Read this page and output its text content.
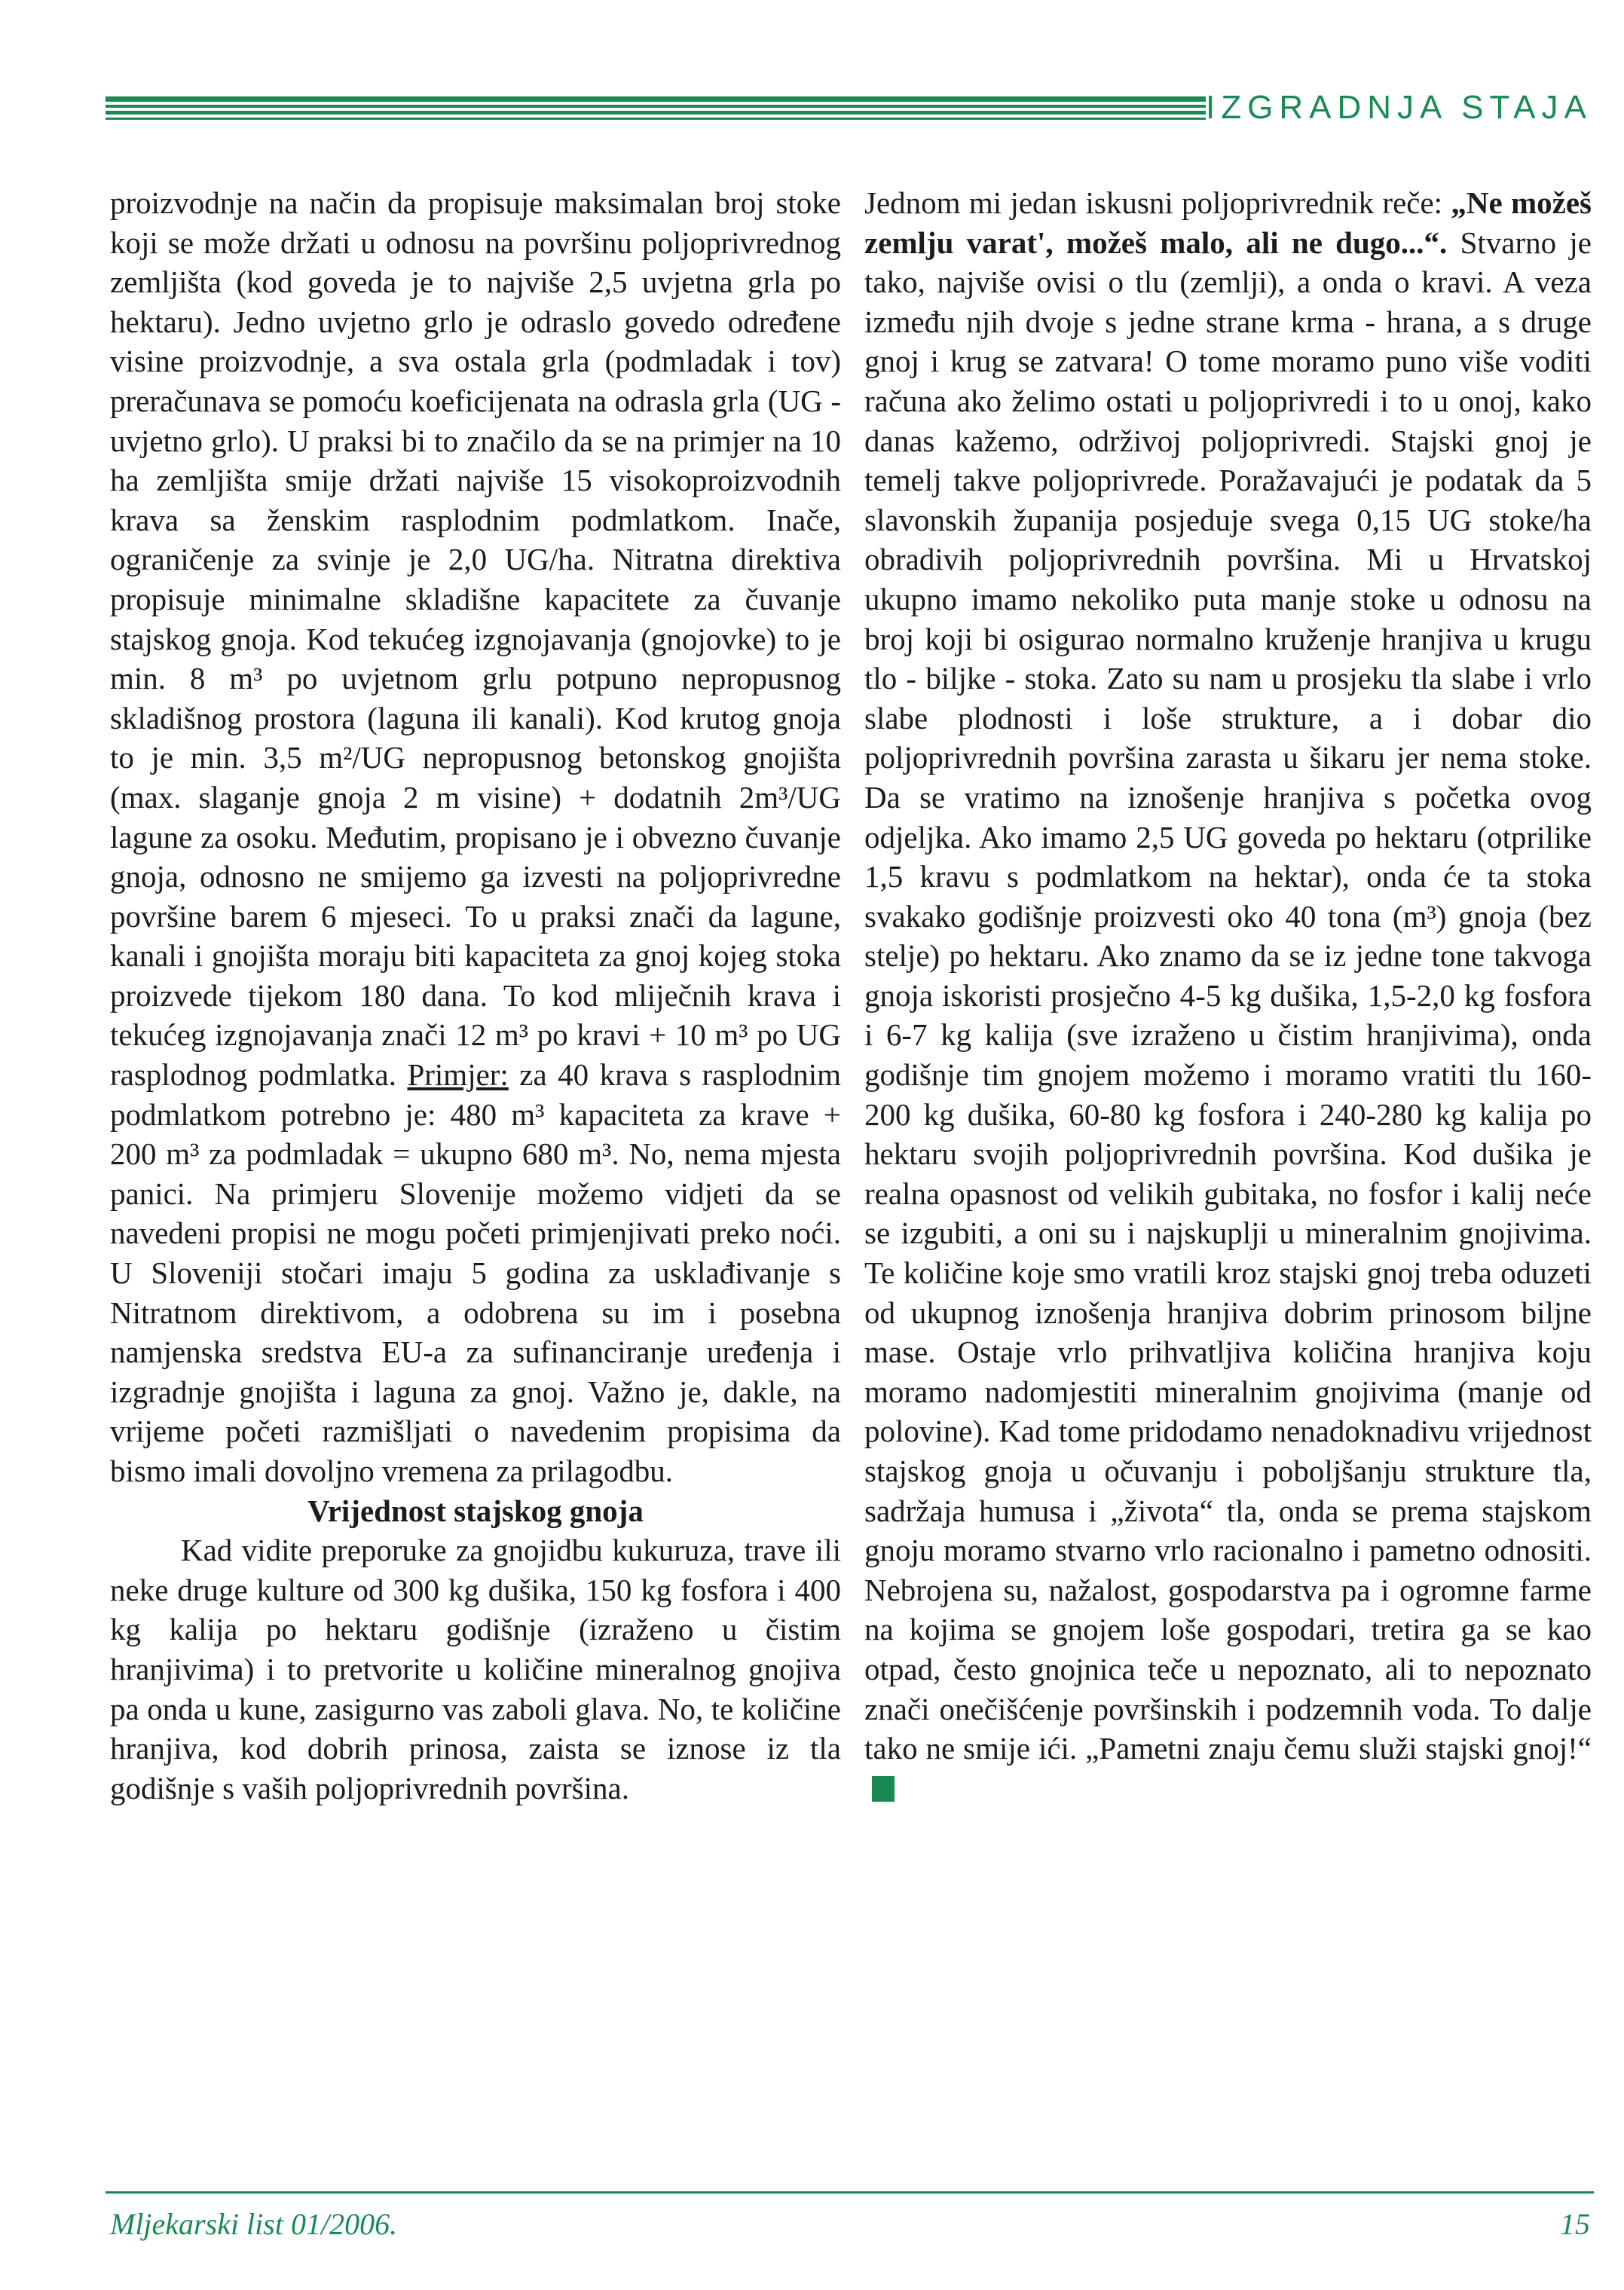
IZGRADNJA STAJA

proizvodnje na način da propisuje maksimalan broj stoke koji se može držati u odnosu na površinu poljoprivrednog zemljišta (kod goveda je to najviše 2,5 uvjetna grla po hektaru). Jedno uvjetno grlo je odraslo govedo određene visine proizvodnje, a sva ostala grla (podmladak i tov) preračunava se pomoću koeficijenata na odrasla grla (UG - uvjetno grlo). U praksi bi to značilo da se na primjer na 10 ha zemljišta smije držati najviše 15 visokoproizvodnih krava sa ženskim rasplodnim podmlatkom. Inače, ograničenje za svinje je 2,0 UG/ha. Nitratna direktiva propisuje minimalne skladišne kapacitete za čuvanje stajskog gnoja. Kod tekućeg izgnojavanja (gnojovke) to je min. 8 m³ po uvjetnom grlu potpuno nepropusnog skladišnog prostora (laguna ili kanali). Kod krutog gnoja to je min. 3,5 m²/UG nepropusnog betonskog gnojišta (max. slaganje gnoja 2 m visine) + dodatnih 2m³/UG lagune za osoku. Međutim, propisano je i obvezno čuvanje gnoja, odnosno ne smijemo ga izvesti na poljoprivredne površine barem 6 mjeseci. To u praksi znači da lagune, kanali i gnojišta moraju biti kapaciteta za gnoj kojeg stoka proizvede tijekom 180 dana. To kod mliječnih krava i tekućeg izgnojavanja znači 12 m³ po kravi + 10 m³ po UG rasplodnog podmlatka. Primjer: za 40 krava s rasplodnim podmlatkom potrebno je: 480 m³ kapaciteta za krave + 200 m³ za podmladak = ukupno 680 m³. No, nema mjesta panici. Na primjeru Slovenije možemo vidjeti da se navedeni propisi ne mogu početi primjenjivati preko noći. U Sloveniji stočari imaju 5 godina za usklađivanje s Nitratnom direktivom, a odobrena su im i posebna namjenska sredstva EU-a za sufinanciranje uređenja i izgradnje gnojišta i laguna za gnoj. Važno je, dakle, na vrijeme početi razmišljati o navedenim propisima da bismo imali dovoljno vremena za prilagodbu.

Vrijednost stajskog gnoja

Kad vidite preporuke za gnojidbu kukuruza, trave ili neke druge kulture od 300 kg dušika, 150 kg fosfora i 400 kg kalija po hektaru godišnje (izraženo u čistim hranjivima) i to pretvorite u količine mineralnog gnojiva pa onda u kune, zasigurno vas zaboli glava. No, te količine hranjiva, kod dobrih prinosa, zaista se iznose iz tla godišnje s vaših poljoprivrednih površina.

Jednom mi jedan iskusni poljoprivrednik reče: „Ne možeš zemlju varat', možeš malo, ali ne dugo...“. Stvarno je tako, najviše ovisi o tlu (zemlji), a onda o kravi. A veza između njih dvoje s jedne strane krma - hrana, a s druge gnoj i krug se zatvara! O tome moramo puno više voditi računa ako želimo ostati u poljoprivredi i to u onoj, kako danas kažemo, održivoj poljoprivredi. Stajski gnoj je temelj takve poljoprivrede. Poražavajući je podatak da 5 slavonskih županija posjeduje svega 0,15 UG stoke/ha obradivih poljoprivrednih površina. Mi u Hrvatskoj ukupno imamo nekoliko puta manje stoke u odnosu na broj koji bi osigurao normalno kruženje hranjiva u krugu tlo - biljke - stoka. Zato su nam u prosjeku tla slabe i vrlo slabe plodnosti i loše strukture, a i dobar dio poljoprivrednih površina zarasta u šikaru jer nema stoke. Da se vratimo na iznošenje hranjiva s početka ovog odjeljka. Ako imamo 2,5 UG goveda po hektaru (otprilike 1,5 kravu s podmlatkom na hektar), onda će ta stoka svakako godišnje proizvesti oko 40 tona (m³) gnoja (bez stelje) po hektaru. Ako znamo da se iz jedne tone takvoga gnoja iskoristi prosječno 4-5 kg dušika, 1,5-2,0 kg fosfora i 6-7 kg kalija (sve izraženo u čistim hranjivima), onda godišnje tim gnojem možemo i moramo vratiti tlu 160-200 kg dušika, 60-80 kg fosfora i 240-280 kg kalija po hektaru svojih poljoprivrednih površina. Kod dušika je realna opasnost od velikih gubitaka, no fosfor i kalij neće se izgubiti, a oni su i najskuplji u mineralnim gnojivima. Te količine koje smo vratili kroz stajski gnoj treba oduzeti od ukupnog iznošenja hranjiva dobrim prinosom biljne mase. Ostaje vrlo prihvatljiva količina hranjiva koju moramo nadomjestiti mineralnim gnojivima (manje od polovine). Kad tome pridodamo nenadoknadivu vrijednost stajskog gnoja u očuvanju i poboljšanju strukture tla, sadržaja humusa i „života“ tla, onda se prema stajskom gnoju moramo stvarno vrlo racionalno i pametno odnositi. Nebrojena su, nažalost, gospodarstva pa i ogromne farme na kojima se gnojem loše gospodari, tretira ga se kao otpad, često gnojnica teče u nepoznato, ali to nepoznato znači onečišćenje površinskih i podzemnih voda. To dalje tako ne smije ići. „Pametni znaju čemu služi stajski gnoj!“

Mljekarski list 01/2006.	15
